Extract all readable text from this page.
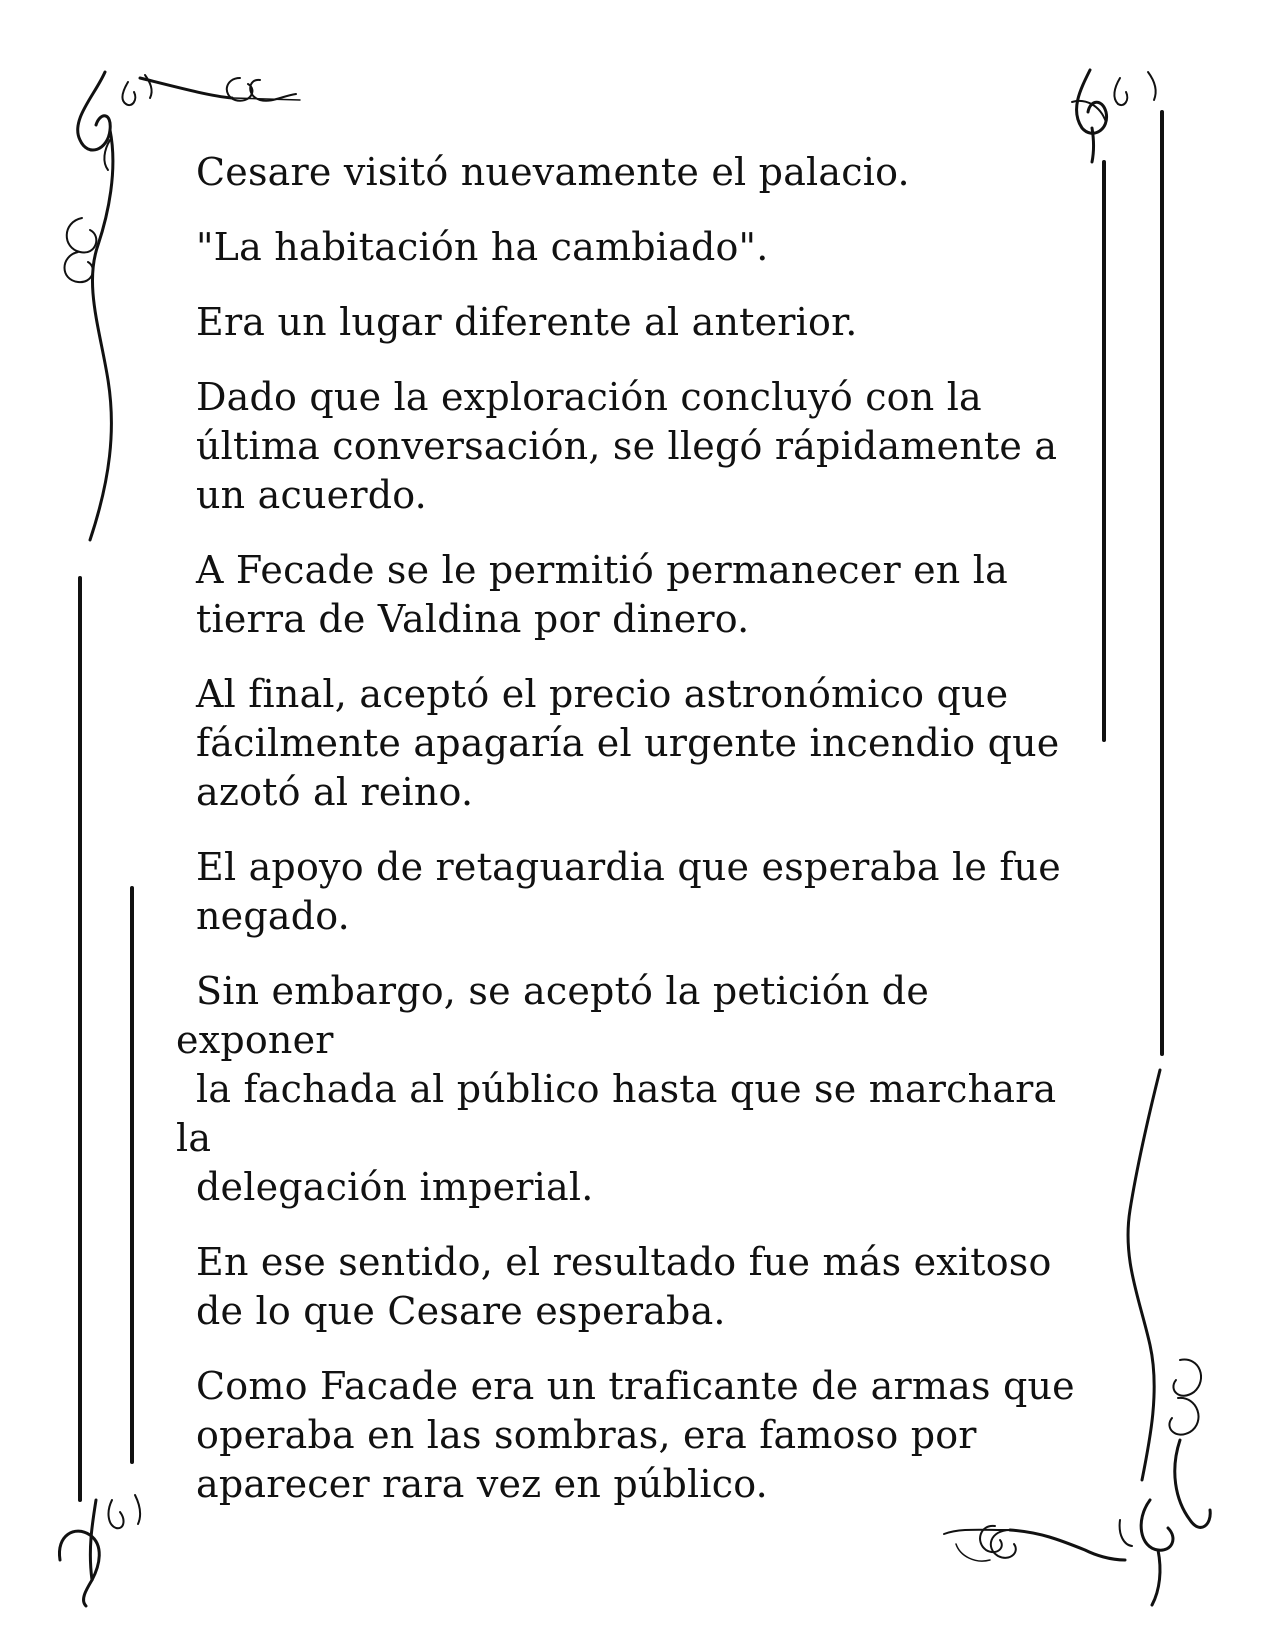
Cesare visitó nuevamente el palacio.

"La habitación ha cambiado".

Era un lugar diferente al anterior.

Dado que la exploración concluyó con la
última conversación, se llegó rápidamente a
un acuerdo.

A Fecade se le permitió permanecer en la
tierra de Valdina por dinero.

Al final, aceptó el precio astronómico que
fácilmente apagaría el urgente incendio que
azotó al reino.

El apoyo de retaguardia que esperaba le fue
negado.

Sin embargo, se aceptó la petición de exponer
la fachada al público hasta que se marchara la
delegación imperial.

En ese sentido, el resultado fue más exitoso
de lo que Cesare esperaba.

Como Facade era un traficante de armas que
operaba en las sombras, era famoso por
aparecer rara vez en público.
